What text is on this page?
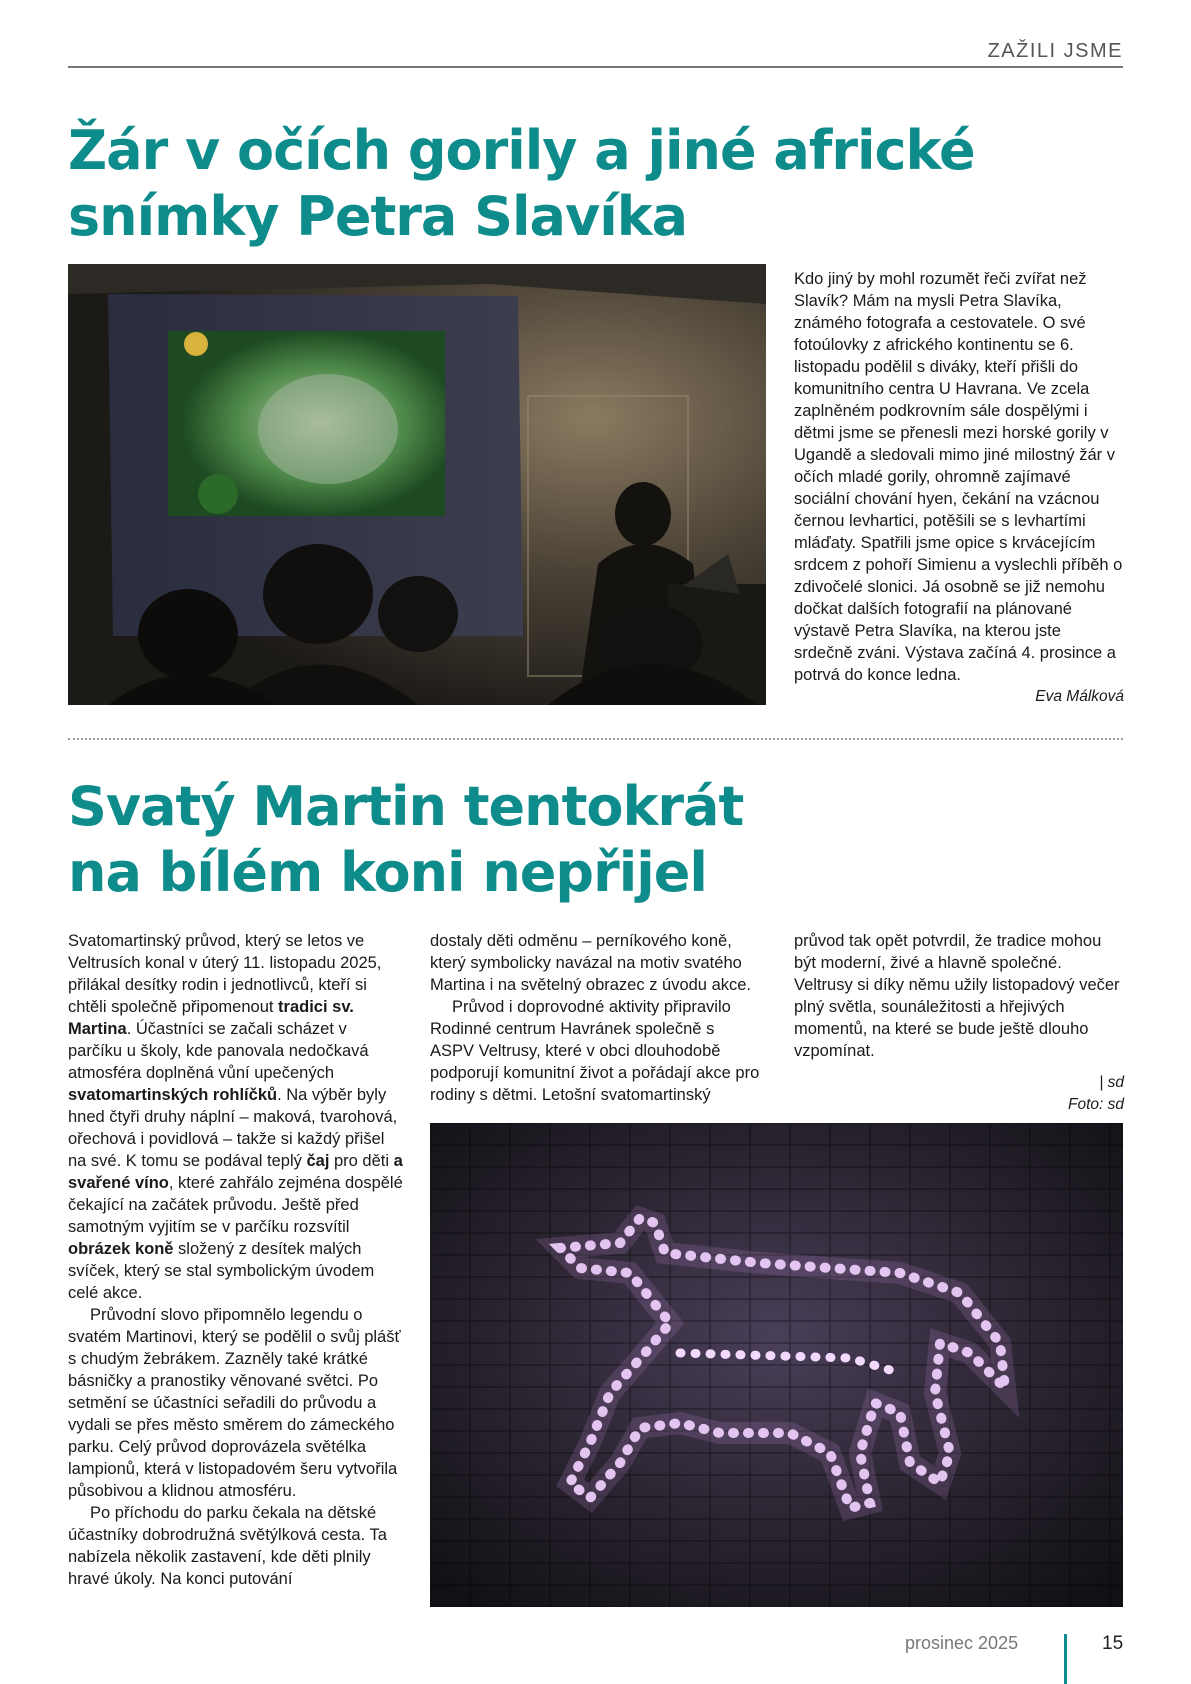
ZAŽILI JSME
Žár v očích gorily a jiné africké
snímky Petra Slavíka

Kdo jiný by mohl rozumět řeči zvířat než Slavík? Mám na mysli Petra Slavíka, známého fotografa a cestovatele. O své fotoúlovky z afrického kontinentu se 6. listopadu podělil s diváky, kteří přišli do komunitního centra U Havrana. Ve zcela zaplněném podkrovním sále dospělými i dětmi jsme se přenesli mezi horské gorily v Ugandě a sledovali mimo jiné milostný žár v očích mladé gorily, ohromně zajímavé sociální chování hyen, čekání na vzácnou černou levhartici, potěšili se s levhartími mláďaty. Spatřili jsme opice s krvácejícím srdcem z pohoří Simienu a vyslechli příběh o zdivočelé slonici. Já osobně se již nemohu dočkat dalších fotografií na plánované výstavě Petra Slavíka, na kterou jste srdečně zváni. Výstava začíná 4. prosince a potrvá do konce ledna.

Eva Málková

Svatý Martin tentokrát
na bílém koni nepřijel

Svatomartinský průvod, který se letos ve Veltrusích konal v úterý 11. listopadu 2025, přilákal desítky rodin i jednotlivců, kteří si chtěli společně připomenout tradici sv. Martina. Účastníci se začali scházet v parčíku u školy, kde panovala nedočkavá atmosféra doplněná vůní upečených svatomartinských rohlíčků. Na výběr byly hned čtyři druhy náplní – maková, tvarohová, ořechová i povidlová – takže si každý přišel na své. K tomu se podával teplý čaj pro děti a svařené víno, které zahřálo zejména dospělé čekající na začátek průvodu. Ještě před samotným vyjitím se v parčíku rozsvítil obrázek koně složený z desítek malých svíček, který se stal symbolickým úvodem celé akce.

Průvodní slovo připomnělo legendu o svatém Martinovi, který se podělil o svůj plášť s chudým žebrákem. Zazněly také krátké básničky a pranostiky věnované světci. Po setmění se účastníci seřadili do průvodu a vydali se přes město směrem do zámeckého parku. Celý průvod doprovázela světélka lampionů, která v listopadovém šeru vytvořila působivou a klidnou atmosféru.

Po příchodu do parku čekala na dětské účastníky dobrodružná světýlková cesta. Ta nabízela několik zastavení, kde děti plnily hravé úkoly. Na konci putování

dostaly děti odměnu – perníkového koně, který symbolicky navázal na motiv svatého Martina i na světelný obrazec z úvodu akce.

Průvod i doprovodné aktivity připravilo Rodinné centrum Havránek společně s ASPV Veltrusy, které v obci dlouhodobě podporují komunitní život a pořádají akce pro rodiny s dětmi. Letošní svatomartinský

průvod tak opět potvrdil, že tradice mohou být moderní, živé a hlavně společné. Veltrusy si díky němu užily listopadový večer plný světla, sounáležitosti a hřejivých momentů, na které se bude ještě dlouho vzpomínat.

| sd

Foto: sd

prosinec 2025	15
